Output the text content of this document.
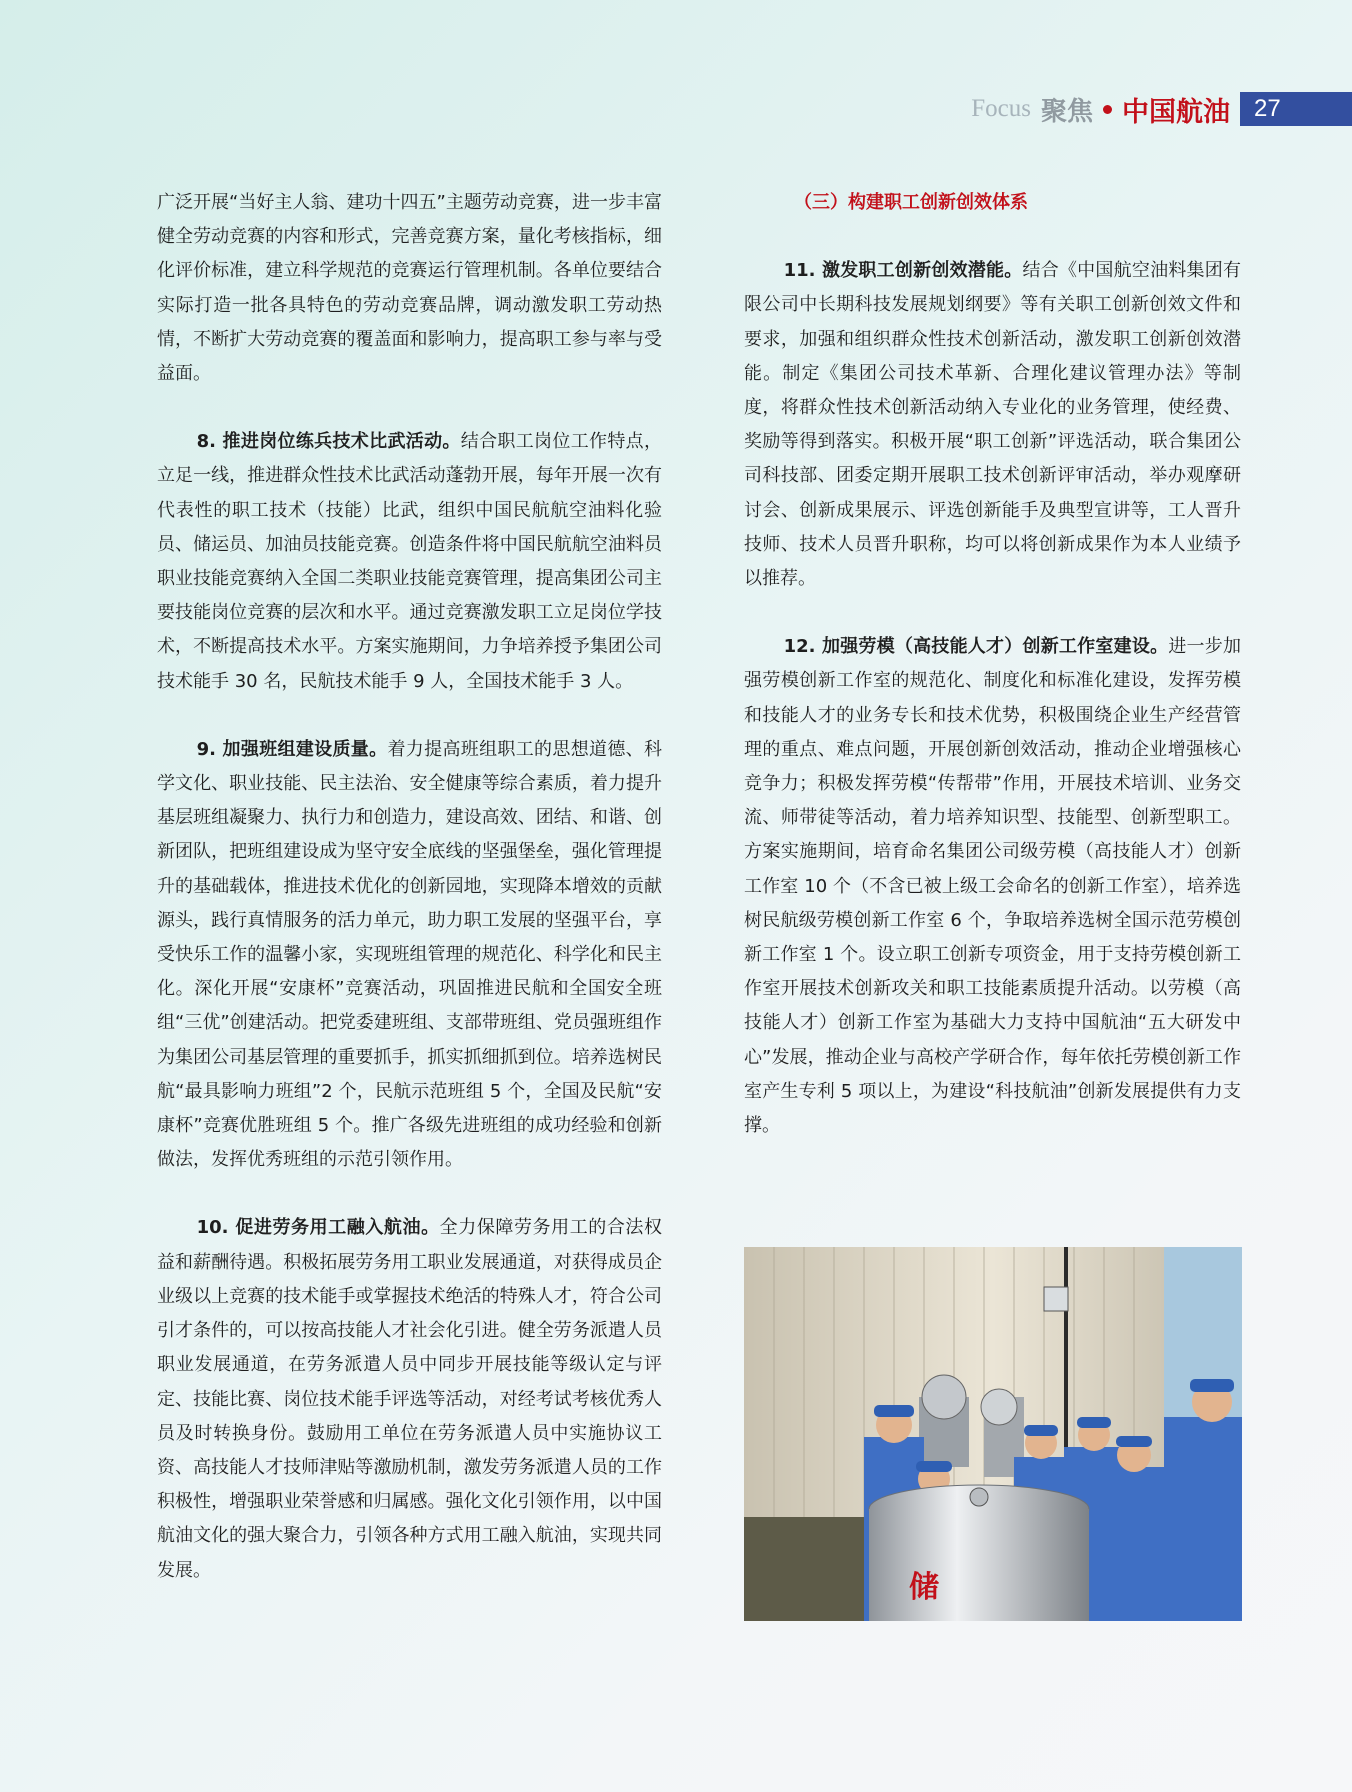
Focus 聚焦 中国航油	27

广泛开展“当好主人翁、建功十四五”主题劳动竞赛，进一步丰富健全劳动竞赛的内容和形式，完善竞赛方案，量化考核指标，细化评价标准，建立科学规范的竞赛运行管理机制。各单位要结合实际打造一批各具特色的劳动竞赛品牌，调动激发职工劳动热情，不断扩大劳动竞赛的覆盖面和影响力，提高职工参与率与受益面。

8. 推进岗位练兵技术比武活动。结合职工岗位工作特点，立足一线，推进群众性技术比武活动蓬勃开展，每年开展一次有代表性的职工技术（技能）比武，组织中国民航航空油料化验员、储运员、加油员技能竞赛。创造条件将中国民航航空油料员职业技能竞赛纳入全国二类职业技能竞赛管理，提高集团公司主要技能岗位竞赛的层次和水平。通过竞赛激发职工立足岗位学技术，不断提高技术水平。方案实施期间，力争培养授予集团公司技术能手 30 名，民航技术能手 9 人，全国技术能手 3 人。

9. 加强班组建设质量。着力提高班组职工的思想道德、科学文化、职业技能、民主法治、安全健康等综合素质，着力提升基层班组凝聚力、执行力和创造力，建设高效、团结、和谐、创新团队，把班组建设成为坚守安全底线的坚强堡垒，强化管理提升的基础载体，推进技术优化的创新园地，实现降本增效的贡献源头，践行真情服务的活力单元，助力职工发展的坚强平台，享受快乐工作的温馨小家，实现班组管理的规范化、科学化和民主化。深化开展“安康杯”竞赛活动，巩固推进民航和全国安全班组“三优”创建活动。把党委建班组、支部带班组、党员强班组作为集团公司基层管理的重要抓手，抓实抓细抓到位。培养选树民航“最具影响力班组”2 个，民航示范班组 5 个，全国及民航“安康杯”竞赛优胜班组 5 个。推广各级先进班组的成功经验和创新做法，发挥优秀班组的示范引领作用。

10. 促进劳务用工融入航油。全力保障劳务用工的合法权益和薪酬待遇。积极拓展劳务用工职业发展通道，对获得成员企业级以上竞赛的技术能手或掌握技术绝活的特殊人才，符合公司引才条件的，可以按高技能人才社会化引进。健全劳务派遣人员职业发展通道，在劳务派遣人员中同步开展技能等级认定与评定、技能比赛、岗位技术能手评选等活动，对经考试考核优秀人员及时转换身份。鼓励用工单位在劳务派遣人员中实施协议工资、高技能人才技师津贴等激励机制，激发劳务派遣人员的工作积极性，增强职业荣誉感和归属感。强化文化引领作用，以中国航油文化的强大聚合力，引领各种方式用工融入航油，实现共同发展。

（三）构建职工创新创效体系

11. 激发职工创新创效潜能。结合《中国航空油料集团有限公司中长期科技发展规划纲要》等有关职工创新创效文件和要求，加强和组织群众性技术创新活动，激发职工创新创效潜能。制定《集团公司技术革新、合理化建议管理办法》等制度，将群众性技术创新活动纳入专业化的业务管理，使经费、奖励等得到落实。积极开展“职工创新”评选活动，联合集团公司科技部、团委定期开展职工技术创新评审活动，举办观摩研讨会、创新成果展示、评选创新能手及典型宣讲等，工人晋升技师、技术人员晋升职称，均可以将创新成果作为本人业绩予以推荐。

12. 加强劳模（高技能人才）创新工作室建设。进一步加强劳模创新工作室的规范化、制度化和标准化建设，发挥劳模和技能人才的业务专长和技术优势，积极围绕企业生产经营管理的重点、难点问题，开展创新创效活动，推动企业增强核心竞争力；积极发挥劳模“传帮带”作用，开展技术培训、业务交流、师带徒等活动，着力培养知识型、技能型、创新型职工。方案实施期间，培育命名集团公司级劳模（高技能人才）创新工作室 10 个（不含已被上级工会命名的创新工作室），培养选树民航级劳模创新工作室 6 个，争取培养选树全国示范劳模创新工作室 1 个。设立职工创新专项资金，用于支持劳模创新工作室开展技术创新攻关和职工技能素质提升活动。以劳模（高技能人才）创新工作室为基础大力支持中国航油“五大研发中心”发展，推动企业与高校产学研合作，每年依托劳模创新工作室产生专利 5 项以上，为建设“科技航油”创新发展提供有力支撑。

储
